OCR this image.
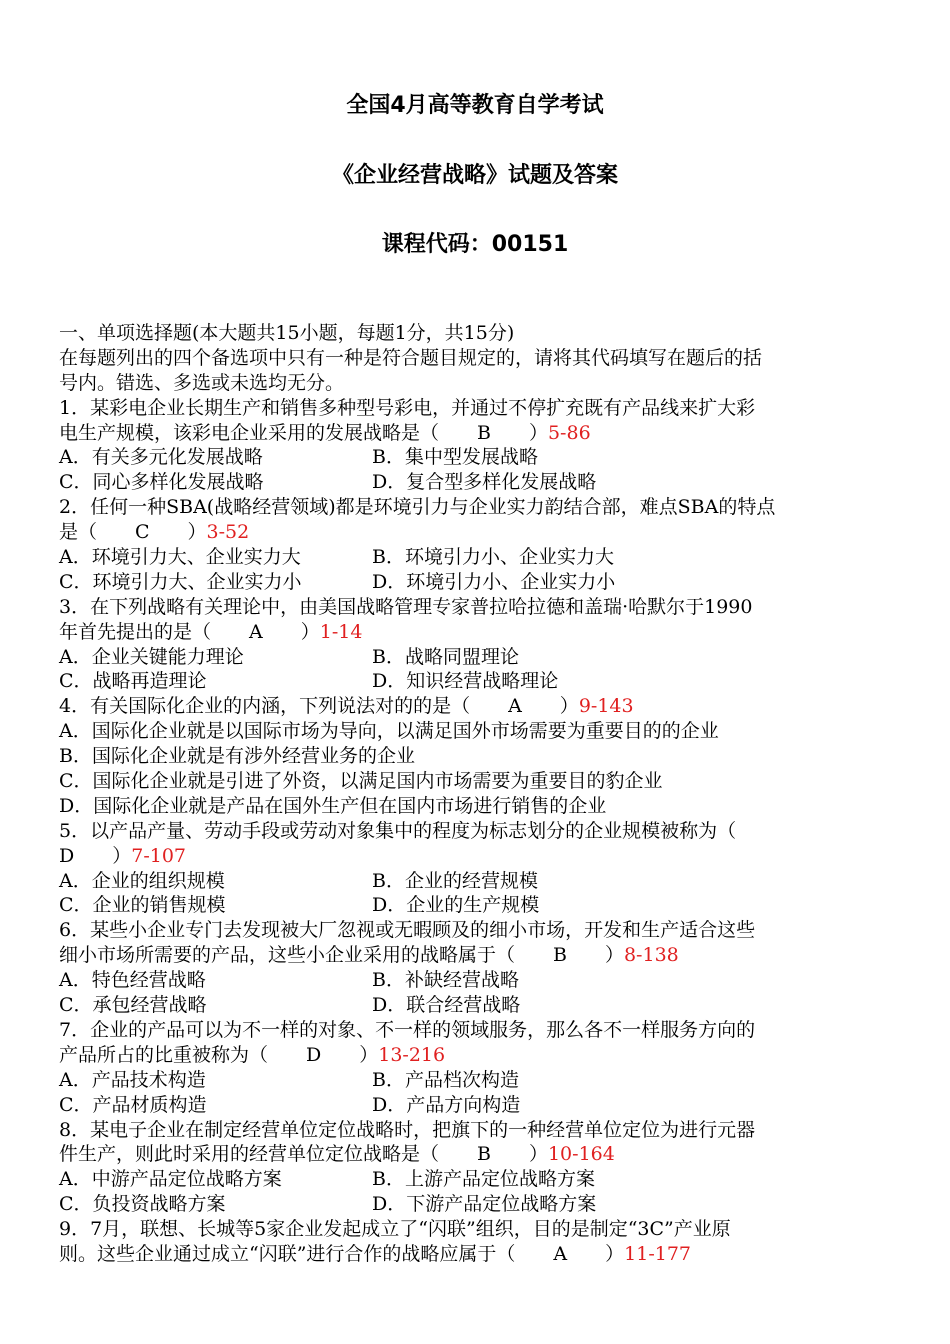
全国4月高等教育自学考试

《企业经营战略》试题及答案

课程代码：00151

一、单项选择题(本大题共15小题，每题1分，共15分)
在每题列出的四个备选项中只有一种是符合题目规定的，请将其代码填写在题后的括
号内。错选、多选或未选均无分。
1．某彩电企业长期生产和销售多种型号彩电，并通过不停扩充既有产品线来扩大彩
电生产规模，该彩电企业采用的发展战略是（　　B　　）5-86
A．有关多元化发展战略	B．集中型发展战略
C．同心多样化发展战略	D．复合型多样化发展战略
2．任何一种SBA(战略经营领域)都是环境引力与企业实力韵结合部，难点SBA的特点
是（　　C　　）3-52
A．环境引力大、企业实力大	B．环境引力小、企业实力大
C．环境引力大、企业实力小	D．环境引力小、企业实力小
3．在下列战略有关理论中，由美国战略管理专家普拉哈拉德和盖瑞·哈默尔于1990
年首先提出的是（　　A　　）1-14
A．企业关键能力理论	B．战略同盟理论
C．战略再造理论	D．知识经营战略理论
4．有关国际化企业的内涵，下列说法对的的是（　　A　　）9-143
A．国际化企业就是以国际市场为导向，以满足国外市场需要为重要目的的企业
B．国际化企业就是有涉外经营业务的企业
C．国际化企业就是引进了外资，以满足国内市场需要为重要目的豹企业
D．国际化企业就是产品在国外生产但在国内市场进行销售的企业
5．以产品产量、劳动手段或劳动对象集中的程度为标志划分的企业规模被称为（
D　　）7-107
A．企业的组织规模	B．企业的经营规模
C．企业的销售规模	D．企业的生产规模
6．某些小企业专门去发现被大厂忽视或无暇顾及的细小市场，开发和生产适合这些
细小市场所需要的产品，这些小企业采用的战略属于（　　B　　）8-138
A．特色经营战略	B．补缺经营战略
C．承包经营战略	D．联合经营战略
7．企业的产品可以为不一样的对象、不一样的领域服务，那么各不一样服务方向的
产品所占的比重被称为（　　D　　）13-216
A．产品技术构造	B．产品档次构造
C．产品材质构造	D．产品方向构造
8．某电子企业在制定经营单位定位战略时，把旗下的一种经营单位定位为进行元器
件生产，则此时采用的经营单位定位战略是（　　B　　）10-164
A．中游产品定位战略方案	B．上游产品定位战略方案
C．负投资战略方案	D．下游产品定位战略方案
9．7月，联想、长城等5家企业发起成立了“闪联”组织，目的是制定“3C”产业原
则。这些企业通过成立“闪联”进行合作的战略应属于（　　A　　）11-177
